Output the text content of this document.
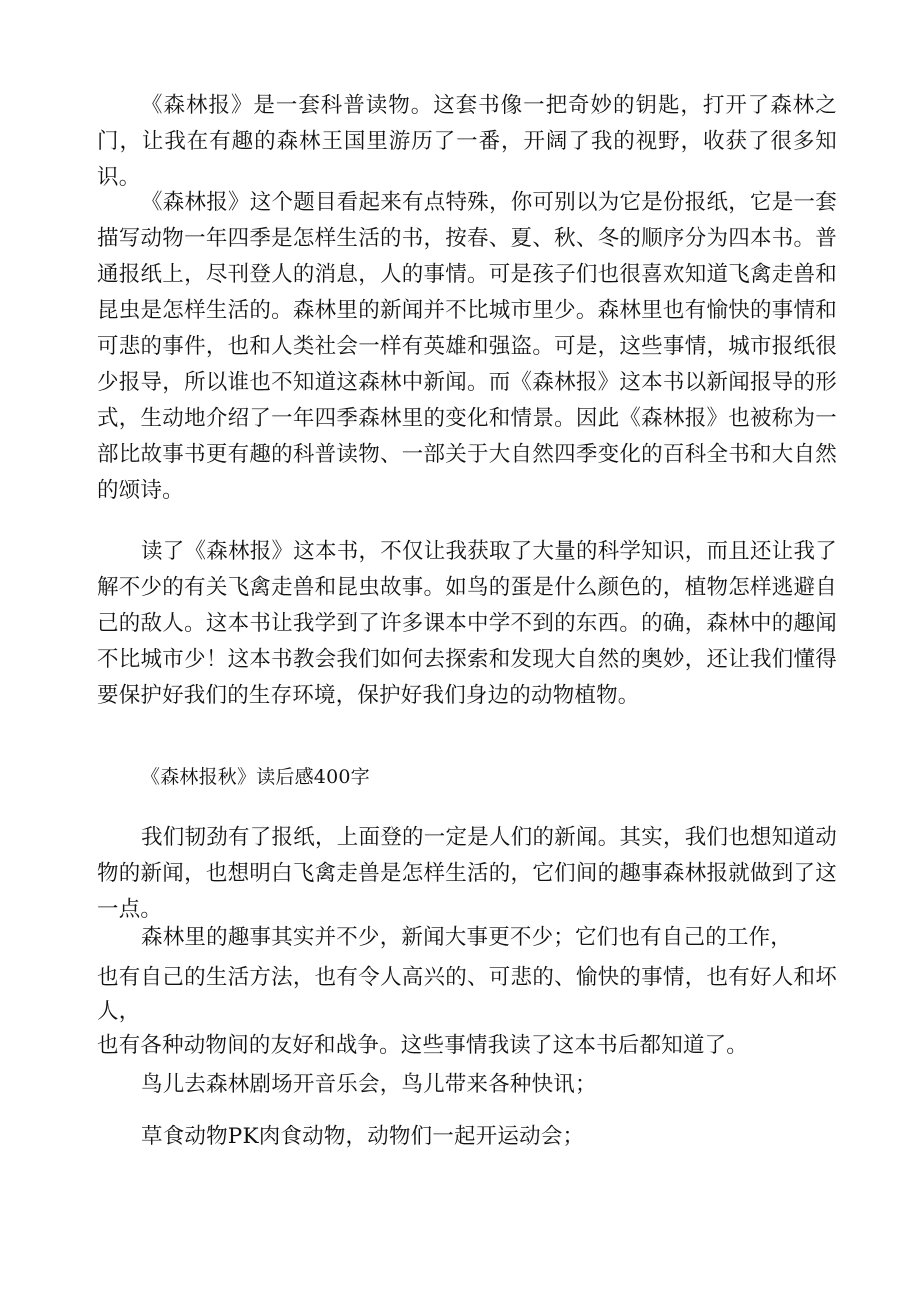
《森林报》是一套科普读物。这套书像一把奇妙的钥匙，打开了森林之门，让我在有趣的森林王国里游历了一番，开阔了我的视野，收获了很多知识。

《森林报》这个题目看起来有点特殊，你可别以为它是份报纸，它是一套描写动物一年四季是怎样生活的书，按春、夏、秋、冬的顺序分为四本书。普通报纸上，尽刊登人的消息，人的事情。可是孩子们也很喜欢知道飞禽走兽和昆虫是怎样生活的。森林里的新闻并不比城市里少。森林里也有愉快的事情和可悲的事件，也和人类社会一样有英雄和强盗。可是，这些事情，城市报纸很少报导，所以谁也不知道这森林中新闻。而《森林报》这本书以新闻报导的形式，生动地介绍了一年四季森林里的变化和情景。因此《森林报》也被称为一部比故事书更有趣的科普读物、一部关于大自然四季变化的百科全书和大自然的颂诗。

读了《森林报》这本书，不仅让我获取了大量的科学知识，而且还让我了解不少的有关飞禽走兽和昆虫故事。如鸟的蛋是什么颜色的，植物怎样逃避自己的敌人。这本书让我学到了许多课本中学不到的东西。的确，森林中的趣闻不比城市少！这本书教会我们如何去探索和发现大自然的奥妙，还让我们懂得要保护好我们的生存环境，保护好我们身边的动物植物。

《森林报秋》读后感400字

我们韧劲有了报纸，上面登的一定是人们的新闻。其实，我们也想知道动物的新闻，也想明白飞禽走兽是怎样生活的，它们间的趣事森林报就做到了这一点。

森林里的趣事其实并不少，新闻大事更不少；它们也有自己的工作，
也有自己的生活方法，也有令人高兴的、可悲的、愉快的事情，也有好人和坏人，
也有各种动物间的友好和战争。这些事情我读了这本书后都知道了。

鸟儿去森林剧场开音乐会，鸟儿带来各种快讯；

草食动物PK肉食动物，动物们一起开运动会；
